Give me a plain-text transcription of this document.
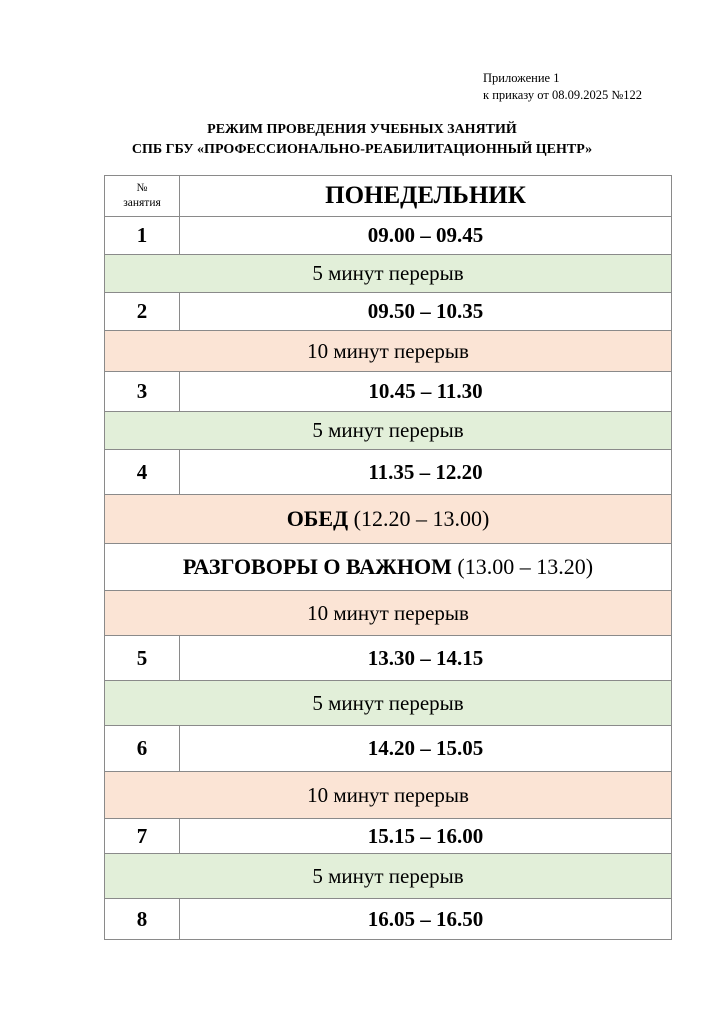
Приложение 1
к приказу от 08.09.2025 №122
РЕЖИМ ПРОВЕДЕНИЯ УЧЕБНЫХ ЗАНЯТИЙ
СПБ ГБУ «ПРОФЕССИОНАЛЬНО-РЕАБИЛИТАЦИОННЫЙ ЦЕНТР»
№
занятия	ПОНЕДЕЛЬНИК
1	09.00 – 09.45
5 минут перерыв	
2	09.50 – 10.35
10 минут перерыв	
3	10.45 – 11.30
5 минут перерыв	
4	11.35 – 12.20
ОБЕД (12.20 – 13.00)	
РАЗГОВОРЫ О ВАЖНОМ (13.00 – 13.20)	
10 минут перерыв	
5	13.30 – 14.15
5 минут перерыв	
6	14.20 – 15.05
10 минут перерыв	
7	15.15 – 16.00
5 минут перерыв	
8	16.05 – 16.50
